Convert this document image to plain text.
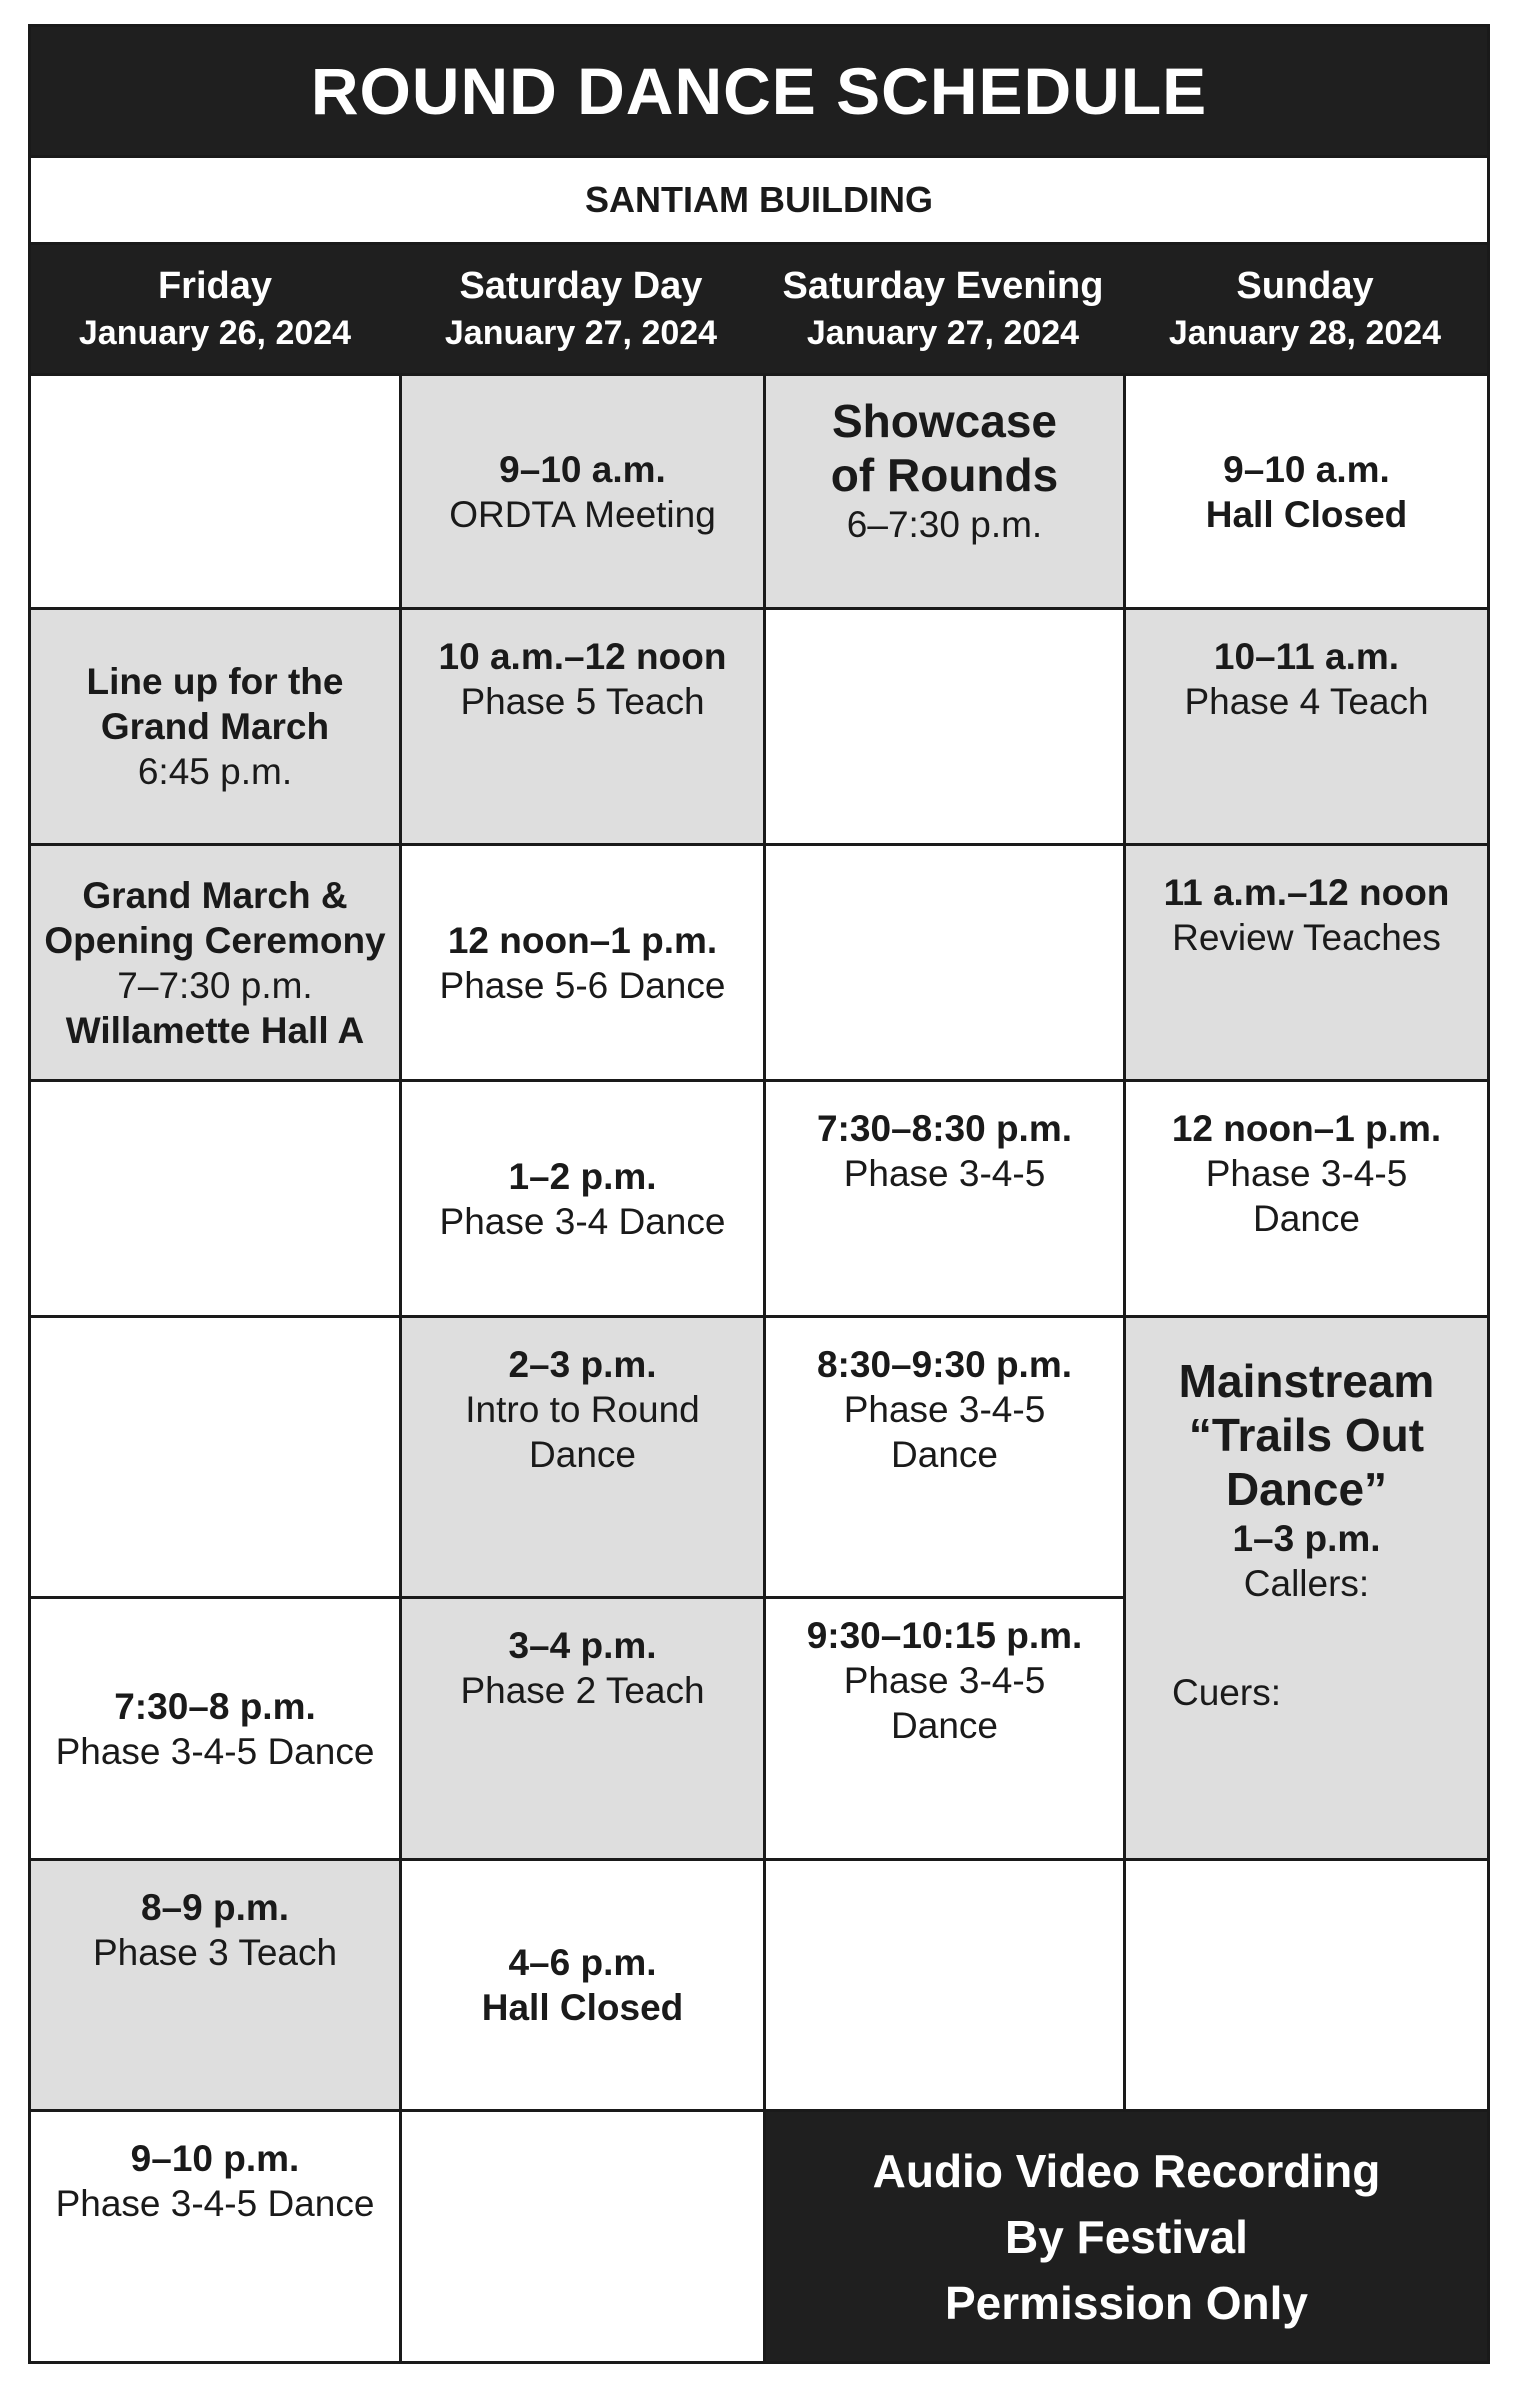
ROUND DANCE SCHEDULE
SANTIAM BUILDING
Friday
January 26, 2024
Saturday Day
January 27, 2024
Saturday Evening
January 27, 2024
Sunday
January 28, 2024
Line up for the
Grand March
6:45 p.m.
Grand March &
Opening Ceremony
7–7:30 p.m.
Willamette Hall A
7:30–8 p.m.
Phase 3-4-5 Dance
8–9 p.m.
Phase 3 Teach
9–10 p.m.
Phase 3-4-5 Dance
9–10 a.m.
ORDTA Meeting
10 a.m.–12 noon
Phase 5 Teach
12 noon–1 p.m.
Phase 5-6 Dance
1–2 p.m.
Phase 3-4 Dance
2–3 p.m.
Intro to Round
Dance
3–4 p.m.
Phase 2 Teach
4–6 p.m.
Hall Closed
Showcase
of Rounds
6–7:30 p.m.
7:30–8:30 p.m.
Phase 3-4-5
8:30–9:30 p.m.
Phase 3-4-5
Dance
9:30–10:15 p.m.
Phase 3-4-5
Dance
9–10 a.m.
Hall Closed
10–11 a.m.
Phase 4 Teach
11 a.m.–12 noon
Review Teaches
12 noon–1 p.m.
Phase 3-4-5
Dance
Mainstream
“Trails Out
Dance”
1–3 p.m.
Callers:
Cuers:
Audio Video Recording
By Festival
Permission Only
